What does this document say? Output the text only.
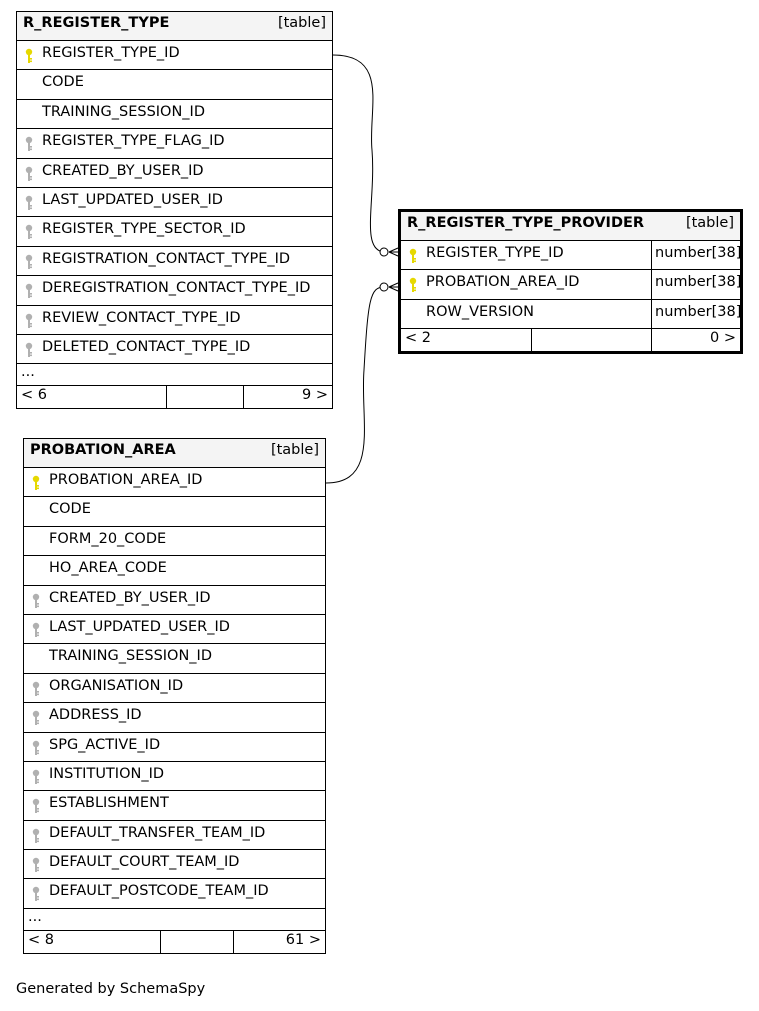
R_REGISTER_TYPE	[table]
REGISTER_TYPE_ID
CODE
TRAINING_SESSION_ID
REGISTER_TYPE_FLAG_ID
CREATED_BY_USER_ID
LAST_UPDATED_USER_ID
REGISTER_TYPE_SECTOR_ID
REGISTRATION_CONTACT_TYPE_ID
DEREGISTRATION_CONTACT_TYPE_ID
REVIEW_CONTACT_TYPE_ID
DELETED_CONTACT_TYPE_ID
...
< 6	9 >
R_REGISTER_TYPE_PROVIDER	[table]
REGISTER_TYPE_ID	number[38]
PROBATION_AREA_ID	number[38]
ROW_VERSION	number[38]
< 2	0 >
PROBATION_AREA	[table]
PROBATION_AREA_ID
CODE
FORM_20_CODE
HO_AREA_CODE
CREATED_BY_USER_ID
LAST_UPDATED_USER_ID
TRAINING_SESSION_ID
ORGANISATION_ID
ADDRESS_ID
SPG_ACTIVE_ID
INSTITUTION_ID
ESTABLISHMENT
DEFAULT_TRANSFER_TEAM_ID
DEFAULT_COURT_TEAM_ID
DEFAULT_POSTCODE_TEAM_ID
...
< 8	61 >
Generated by SchemaSpy
